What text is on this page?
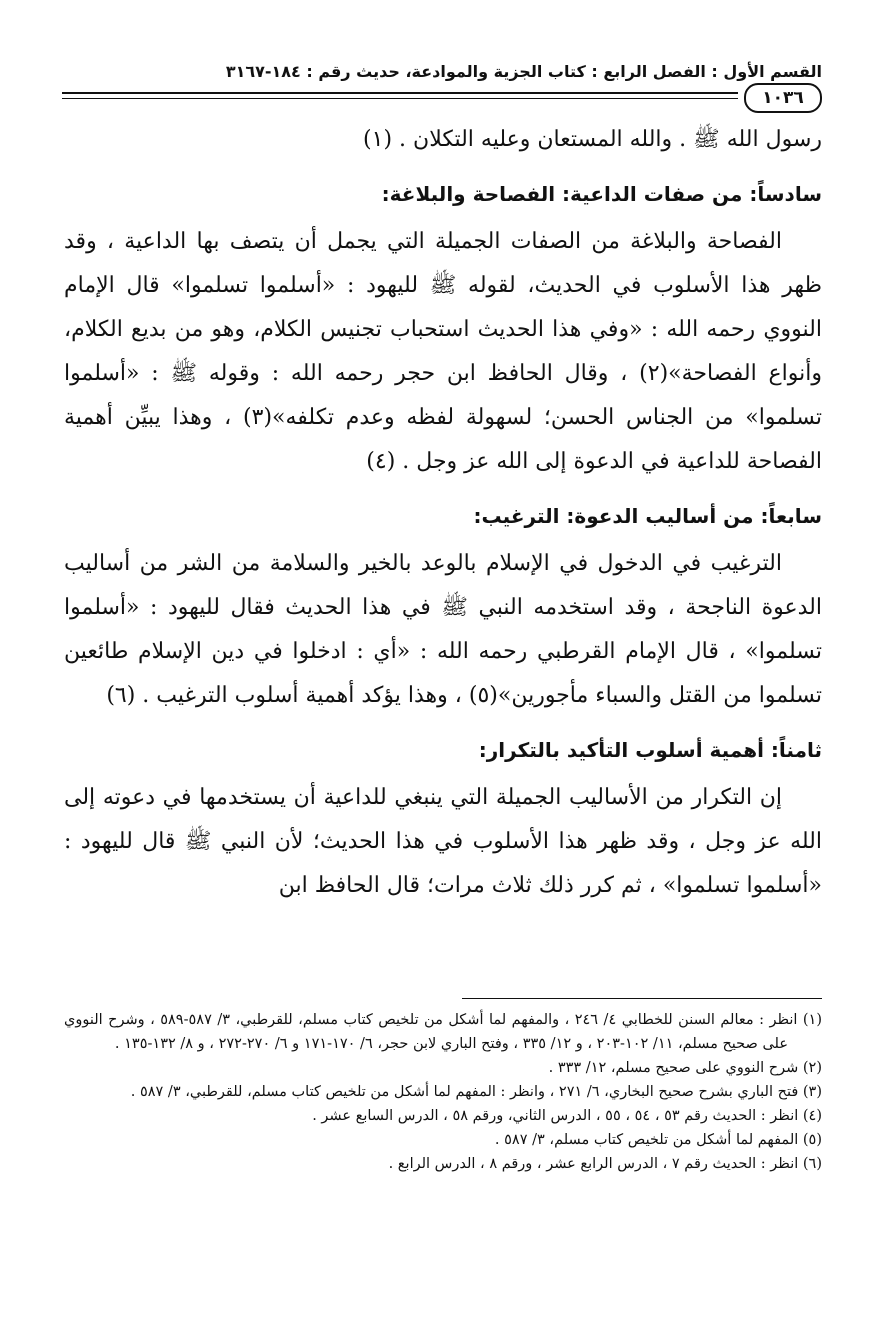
القسم الأول : الفصل الرابع : كتاب الجزية والموادعة، حديث رقم : ١٨٤-٣١٦٧
١٠٣٦

رسول الله ﷺ . والله المستعان وعليه التكلان . (١)

سادساً: من صفات الداعية: الفصاحة والبلاغة:

الفصاحة والبلاغة من الصفات الجميلة التي يجمل أن يتصف بها الداعية ، وقد ظهر هذا الأسلوب في الحديث، لقوله ﷺ لليهود : «أسلموا تسلموا» قال الإمام النووي رحمه الله : «وفي هذا الحديث استحباب تجنيس الكلام، وهو من بديع الكلام، وأنواع الفصاحة»(٢) ، وقال الحافظ ابن حجر رحمه الله : وقوله ﷺ : «أسلموا تسلموا» من الجناس الحسن؛ لسهولة لفظه وعدم تكلفه»(٣) ، وهذا يبيِّن أهمية الفصاحة للداعية في الدعوة إلى الله عز وجل . (٤)

سابعاً: من أساليب الدعوة: الترغيب:

الترغيب في الدخول في الإسلام بالوعد بالخير والسلامة من الشر من أساليب الدعوة الناجحة ، وقد استخدمه النبي ﷺ في هذا الحديث فقال لليهود : «أسلموا تسلموا» ، قال الإمام القرطبي رحمه الله : «أي : ادخلوا في دين الإسلام طائعين تسلموا من القتل والسباء مأجورين»(٥) ، وهذا يؤكد أهمية أسلوب الترغيب . (٦)

ثامناً: أهمية أسلوب التأكيد بالتكرار:

إن التكرار من الأساليب الجميلة التي ينبغي للداعية أن يستخدمها في دعوته إلى الله عز وجل ، وقد ظهر هذا الأسلوب في هذا الحديث؛ لأن النبي ﷺ قال لليهود : «أسلموا تسلموا» ، ثم كرر ذلك ثلاث مرات؛ قال الحافظ ابن

(١) انظر : معالم السنن للخطابي ٤/ ٢٤٦ ، والمفهم لما أشكل من تلخيص كتاب مسلم، للقرطبي، ٣/ ٥٨٧-٥٨٩ ، وشرح النووي على صحيح مسلم، ١١/ ١٠٢-٢٠٣ ، و ١٢/ ٣٣٥ ، وفتح الباري لابن حجر، ٦/ ١٧٠-١٧١ و ٦/ ٢٧٠-٢٧٢ ، و ٨/ ١٣٢-١٣٥ .

(٢) شرح النووي على صحيح مسلم، ١٢/ ٣٣٣ .

(٣) فتح الباري بشرح صحيح البخاري، ٦/ ٢٧١ ، وانظر : المفهم لما أشكل من تلخيص كتاب مسلم، للقرطبي، ٣/ ٥٨٧ .

(٤) انظر : الحديث رقم ٥٣ ، ٥٤ ، ٥٥ ، الدرس الثاني، ورقم ٥٨ ، الدرس السابع عشر .

(٥) المفهم لما أشكل من تلخيص كتاب مسلم، ٣/ ٥٨٧ .

(٦) انظر : الحديث رقم ٧ ، الدرس الرابع عشر ، ورقم ٨ ، الدرس الرابع .
